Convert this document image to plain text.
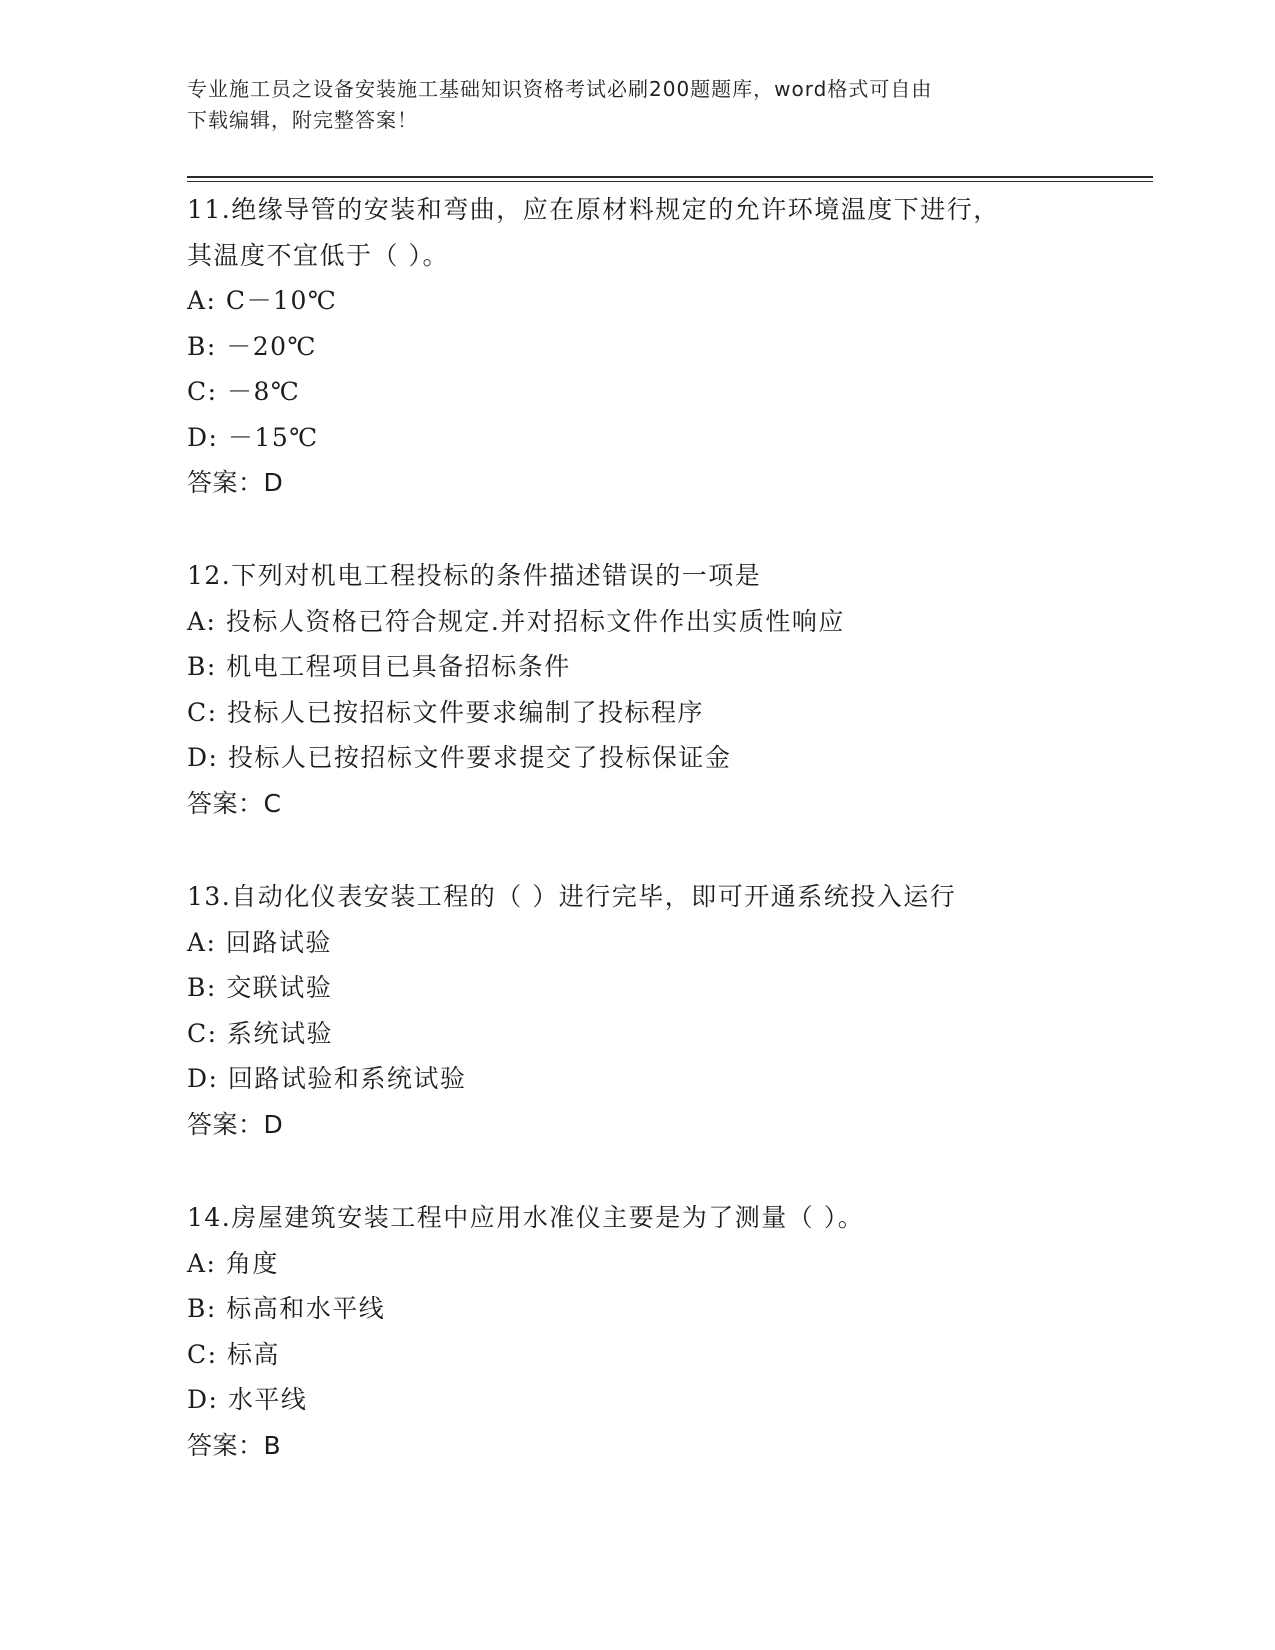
专业施工员之设备安装施工基础知识资格考试必刷200题题库，word格式可自由
下载编辑，附完整答案！
11.绝缘导管的安装和弯曲，应在原材料规定的允许环境温度下进行，
其温度不宜低于（ ）。
A: C－10℃
B: －20℃
C: －8℃
D: －15℃
答案：D
12.下列对机电工程投标的条件描述错误的一项是
A: 投标人资格已符合规定.并对招标文件作出实质性响应
B: 机电工程项目已具备招标条件
C: 投标人已按招标文件要求编制了投标程序
D: 投标人已按招标文件要求提交了投标保证金
答案：C
13.自动化仪表安装工程的（ ）进行完毕，即可开通系统投入运行
A: 回路试验
B: 交联试验
C: 系统试验
D: 回路试验和系统试验
答案：D
14.房屋建筑安装工程中应用水准仪主要是为了测量（ ）。
A: 角度
B: 标高和水平线
C: 标高
D: 水平线
答案：B
